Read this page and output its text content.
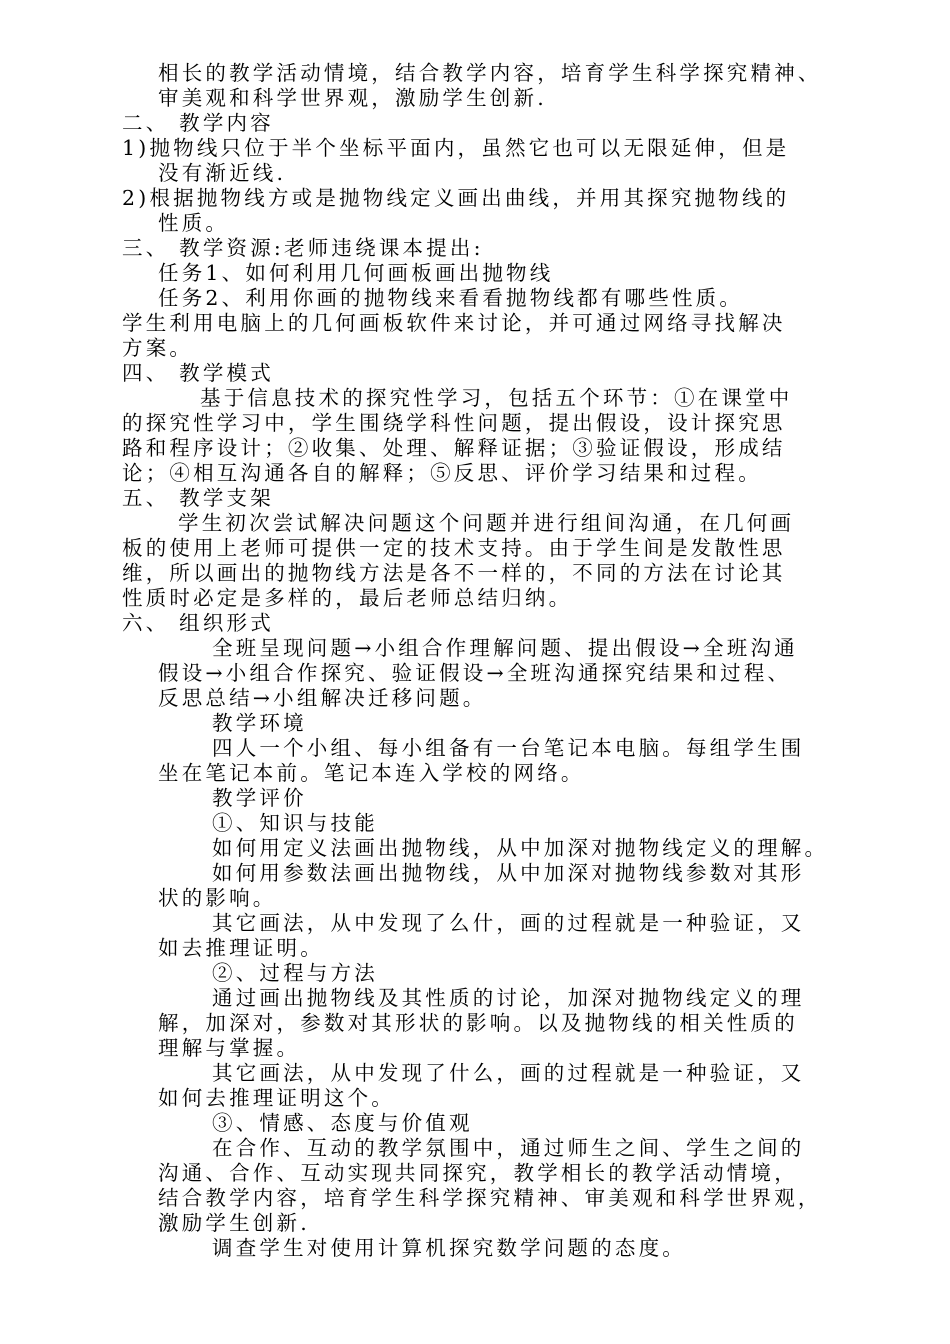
相长的教学活动情境，结合教学内容，培育学生科学探究精神、
审美观和科学世界观，激励学生创新.
二、 教学内容
1)抛物线只位于半个坐标平面内，虽然它也可以无限延伸，但是
没有渐近线.
2)根据抛物线方或是抛物线定义画出曲线，并用其探究抛物线的
性质。
三、 教学资源:老师违绕课本提出:
任务1、如何利用几何画板画出抛物线
任务2、利用你画的抛物线来看看抛物线都有哪些性质。
学生利用电脑上的几何画板软件来讨论，并可通过网络寻找解决
方案。
四、 教学模式
基于信息技术的探究性学习，包括五个环节：①在课堂中
的探究性学习中，学生围绕学科性问题，提出假设，设计探究思
路和程序设计；②收集、处理、解释证据；③验证假设，形成结
论；④相互沟通各自的解释；⑤反思、评价学习结果和过程。
五、 教学支架
学生初次尝试解决问题这个问题并进行组间沟通，在几何画
板的使用上老师可提供一定的技术支持。由于学生间是发散性思
维，所以画出的抛物线方法是各不一样的，不同的方法在讨论其
性质时必定是多样的，最后老师总结归纳。
六、 组织形式
全班呈现问题→小组合作理解问题、提出假设→全班沟通
假设→小组合作探究、验证假设→全班沟通探究结果和过程、
反思总结→小组解决迁移问题。
教学环境
四人一个小组、每小组备有一台笔记本电脑。每组学生围
坐在笔记本前。笔记本连入学校的网络。
教学评价
①、知识与技能
如何用定义法画出抛物线，从中加深对抛物线定义的理解。
如何用参数法画出抛物线，从中加深对抛物线参数对其形
状的影响。
其它画法，从中发现了么什，画的过程就是一种验证，又
如去推理证明。
②、过程与方法
通过画出抛物线及其性质的讨论，加深对抛物线定义的理
解，加深对，参数对其形状的影响。以及抛物线的相关性质的
理解与掌握。
其它画法，从中发现了什么，画的过程就是一种验证，又
如何去推理证明这个。
③、情感、态度与价值观
在合作、互动的教学氛围中，通过师生之间、学生之间的
沟通、合作、互动实现共同探究，教学相长的教学活动情境，
结合教学内容，培育学生科学探究精神、审美观和科学世界观，
激励学生创新.
调查学生对使用计算机探究数学问题的态度。
